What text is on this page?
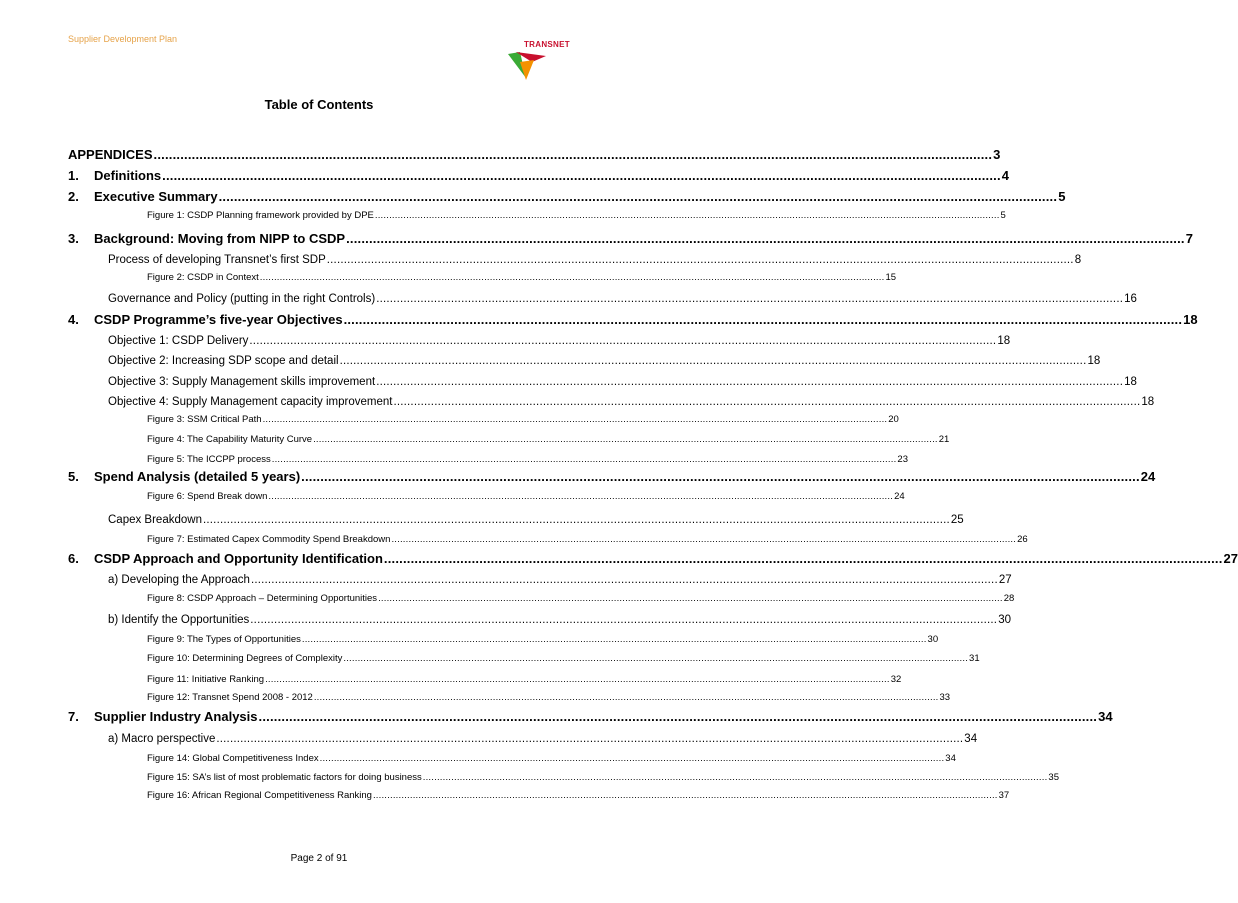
Supplier Development Plan
TRANSNET
Table of Contents
APPENDICES ............................................................................................................................................................................................................................ 3
1. Definitions ............................................................................................................................................................................................................................ 4
2. Executive Summary ............................................................................................................................................................................................................................ 5
Figure 1: CSDP Planning framework provided by DPE ............................................................................................................................................................................................................................ 5
3. Background: Moving from NIPP to CSDP ............................................................................................................................................................................................................................ 7
Process of developing Transnet’s first SDP ............................................................................................................................................................................................................................ 8
Figure 2: CSDP in Context ............................................................................................................................................................................................................................ 15
Governance and Policy (putting in the right Controls) ............................................................................................................................................................................................................................ 16
4. CSDP Programme’s five-year Objectives ............................................................................................................................................................................................................................ 18
Objective 1: CSDP Delivery ............................................................................................................................................................................................................................ 18
Objective 2: Increasing SDP scope and detail ............................................................................................................................................................................................................................ 18
Objective 3: Supply Management skills improvement ............................................................................................................................................................................................................................ 18
Objective 4: Supply Management capacity improvement ............................................................................................................................................................................................................................ 18
Figure 3: SSM Critical Path ............................................................................................................................................................................................................................ 20
Figure 4: The Capability Maturity Curve ............................................................................................................................................................................................................................ 21
Figure 5: The ICCPP process ............................................................................................................................................................................................................................ 23
5. Spend Analysis (detailed 5 years) ............................................................................................................................................................................................................................ 24
Figure 6: Spend Break down ............................................................................................................................................................................................................................ 24
Capex Breakdown ............................................................................................................................................................................................................................ 25
Figure 7: Estimated Capex Commodity Spend Breakdown ............................................................................................................................................................................................................................ 26
6. CSDP Approach and Opportunity Identification ............................................................................................................................................................................................................................ 27
a) Developing the Approach ............................................................................................................................................................................................................................ 27
Figure 8: CSDP Approach – Determining Opportunities ............................................................................................................................................................................................................................ 28
b) Identify the Opportunities ............................................................................................................................................................................................................................ 30
Figure 9: The Types of Opportunities ............................................................................................................................................................................................................................ 30
Figure 10: Determining Degrees of Complexity ............................................................................................................................................................................................................................ 31
Figure 11: Initiative Ranking ............................................................................................................................................................................................................................ 32
Figure 12: Transnet Spend 2008 - 2012 ............................................................................................................................................................................................................................ 33
7. Supplier Industry Analysis ............................................................................................................................................................................................................................ 34
a) Macro perspective ............................................................................................................................................................................................................................ 34
Figure 14: Global Competitiveness Index ............................................................................................................................................................................................................................ 34
Figure 15: SA’s list of most problematic factors for doing business ............................................................................................................................................................................................................................ 35
Figure 16: African Regional Competitiveness Ranking ............................................................................................................................................................................................................................ 37
Page 2 of 91
